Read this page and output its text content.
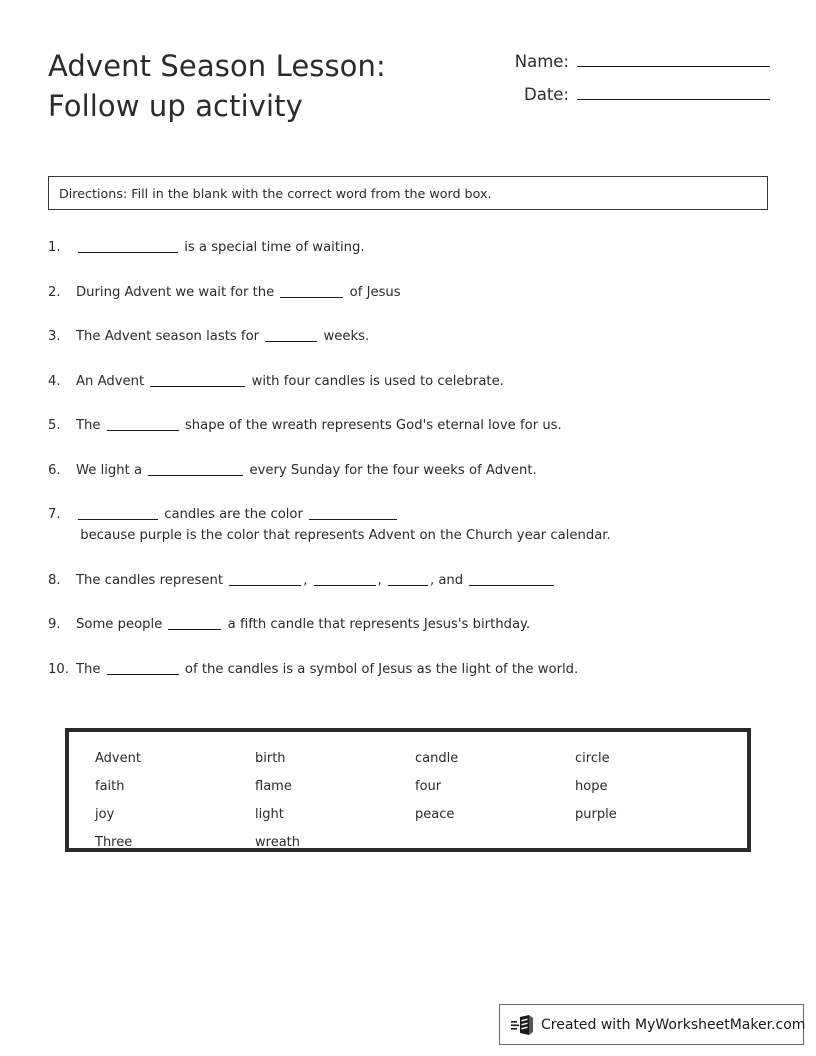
Advent Season Lesson:
Follow up activity
Name:
Date:
Directions: Fill in the blank with the correct word from the word box.
1.	is a special time of waiting.
2.	During Advent we wait for the	of Jesus
3.	The Advent season lasts for	weeks.
4.	An Advent	with four candles is used to celebrate.
5.	The	shape of the wreath represents God's eternal love for us.
6.	We light a	every Sunday for the four weeks of Advent.
7.	candles are the color  because purple is the color that represents Advent on the Church year calendar.
8.	The candles represent	,	,	, and
9.	Some people	a fifth candle that represents Jesus's birthday.
10. The	of the candles is a symbol of Jesus as the light of the world.
Advent	birth	candle	circle
faith	flame	four	hope
joy	light	peace	purple
Three	wreath
Created with MyWorksheetMaker.com
